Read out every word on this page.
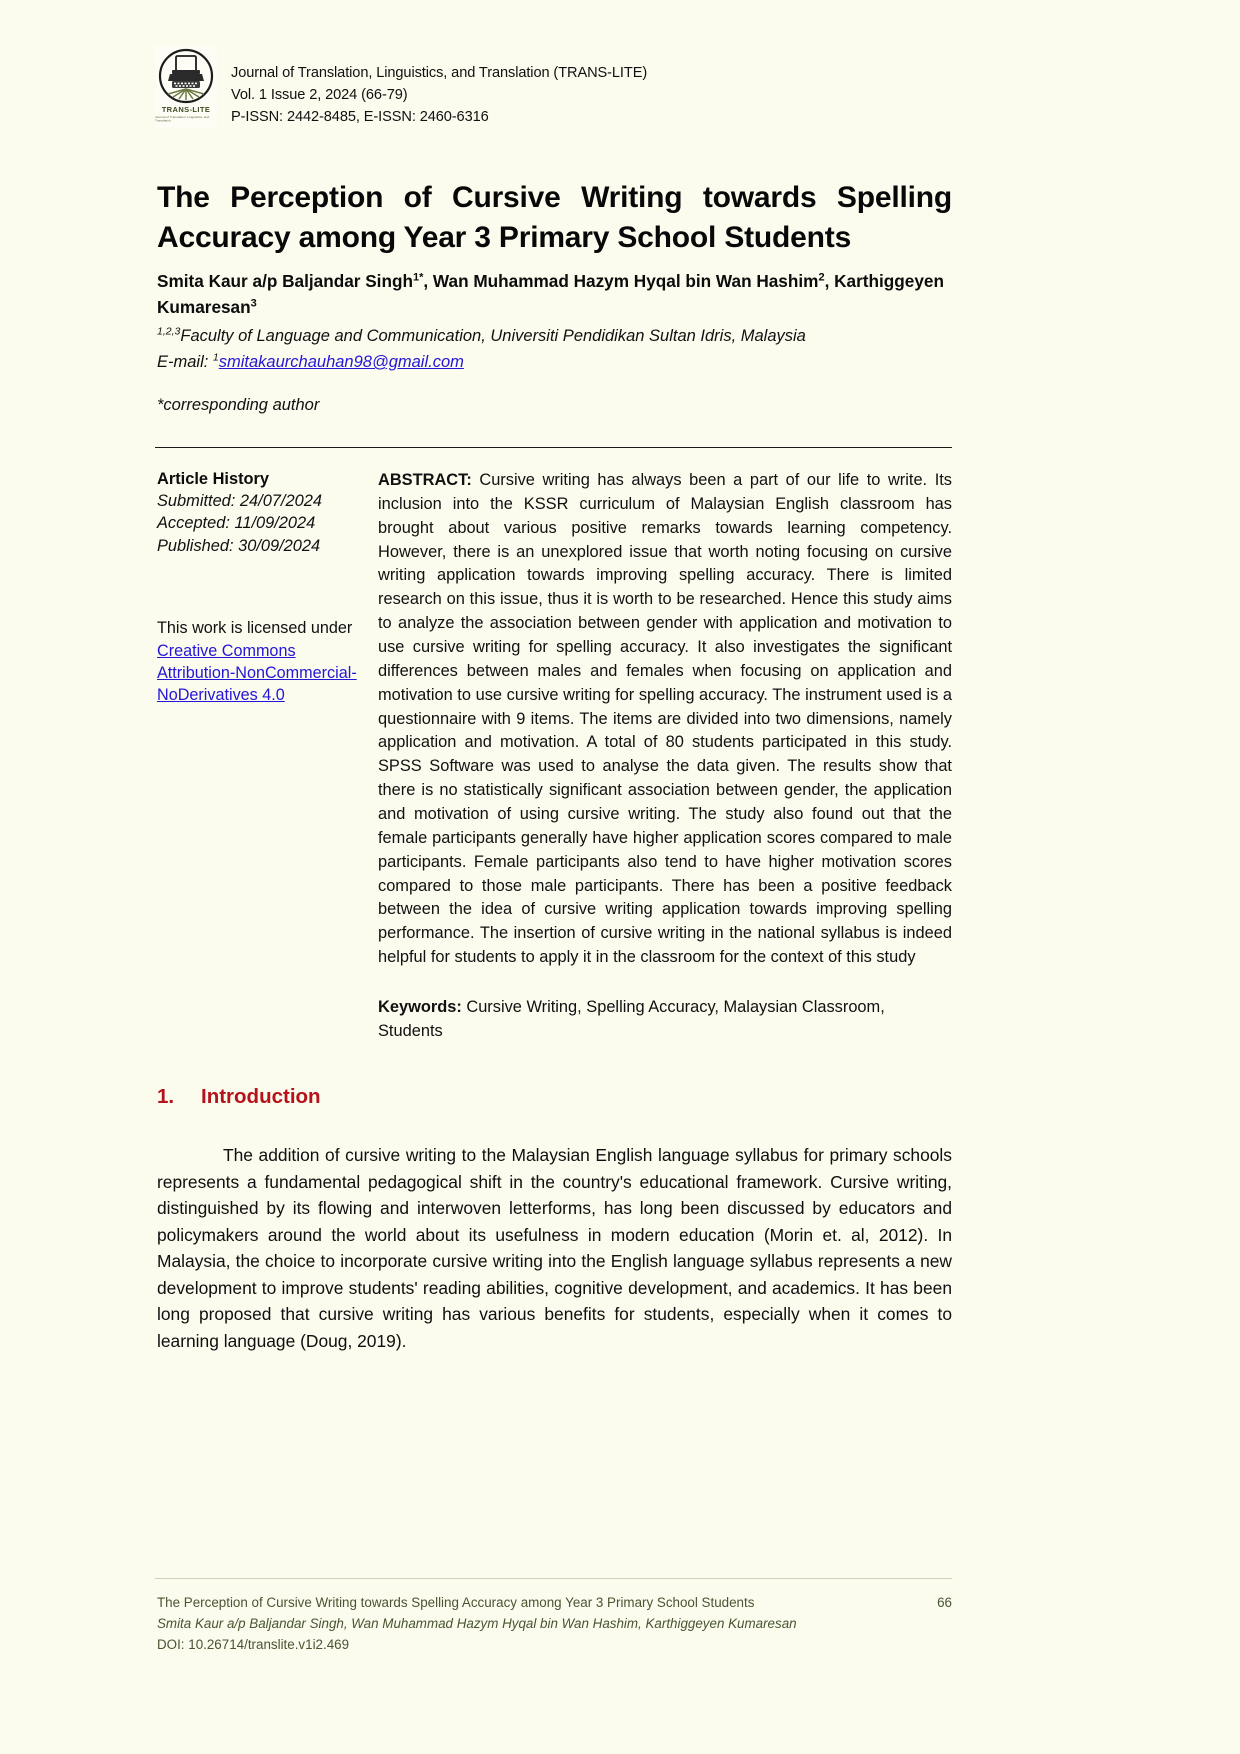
TRANS-LITE
Journal of Translation, Linguistics, and Translation
Journal of Translation, Linguistics, and Translation (TRANS-LITE)
Vol. 1 Issue 2, 2024 (66-79)
P-ISSN: 2442-8485, E-ISSN: 2460-6316
The Perception of Cursive Writing towards Spelling Accuracy among Year 3 Primary School Students
Smita Kaur a/p Baljandar Singh$^{1*}$, Wan Muhammad Hazym Hyqal bin Wan Hashim$^2$, Karthiggeyen Kumaresan$^3$
$^{1,2,3}$Faculty of Language and Communication, Universiti Pendidikan Sultan Idris, Malaysia
E-mail: $^1$smitakaurchauhan98@gmail.com
*corresponding author
Article History
Submitted: 24/07/2024
Accepted: 11/09/2024
Published: 30/09/2024
This work is licensed under Creative Commons Attribution-NonCommercial-NoDerivatives 4.0
ABSTRACT: Cursive writing has always been a part of our life to write. Its inclusion into the KSSR curriculum of Malaysian English classroom has brought about various positive remarks towards learning competency. However, there is an unexplored issue that worth noting focusing on cursive writing application towards improving spelling accuracy. There is limited research on this issue, thus it is worth to be researched. Hence this study aims to analyze the association between gender with application and motivation to use cursive writing for spelling accuracy. It also investigates the significant differences between males and females when focusing on application and motivation to use cursive writing for spelling accuracy. The instrument used is a questionnaire with 9 items. The items are divided into two dimensions, namely application and motivation. A total of 80 students participated in this study. SPSS Software was used to analyse the data given. The results show that there is no statistically significant association between gender, the application and motivation of using cursive writing. The study also found out that the female participants generally have higher application scores compared to male participants. Female participants also tend to have higher motivation scores compared to those male participants. There has been a positive feedback between the idea of cursive writing application towards improving spelling performance. The insertion of cursive writing in the national syllabus is indeed helpful for students to apply it in the classroom for the context of this study
Keywords: Cursive Writing, Spelling Accuracy, Malaysian Classroom, Students
1. Introduction

The addition of cursive writing to the Malaysian English language syllabus for primary schools represents a fundamental pedagogical shift in the country's educational framework. Cursive writing, distinguished by its flowing and interwoven letterforms, has long been discussed by educators and policymakers around the world about its usefulness in modern education (Morin et. al, 2012). In Malaysia, the choice to incorporate cursive writing into the English language syllabus represents a new development to improve students' reading abilities, cognitive development, and academics. It has been long proposed that cursive writing has various benefits for students, especially when it comes to learning language (Doug, 2019).

The Perception of Cursive Writing towards Spelling Accuracy among Year 3 Primary School Students	66
Smita Kaur a/p Baljandar Singh, Wan Muhammad Hazym Hyqal bin Wan Hashim, Karthiggeyen Kumaresan
DOI: 10.26714/translite.v1i2.469
